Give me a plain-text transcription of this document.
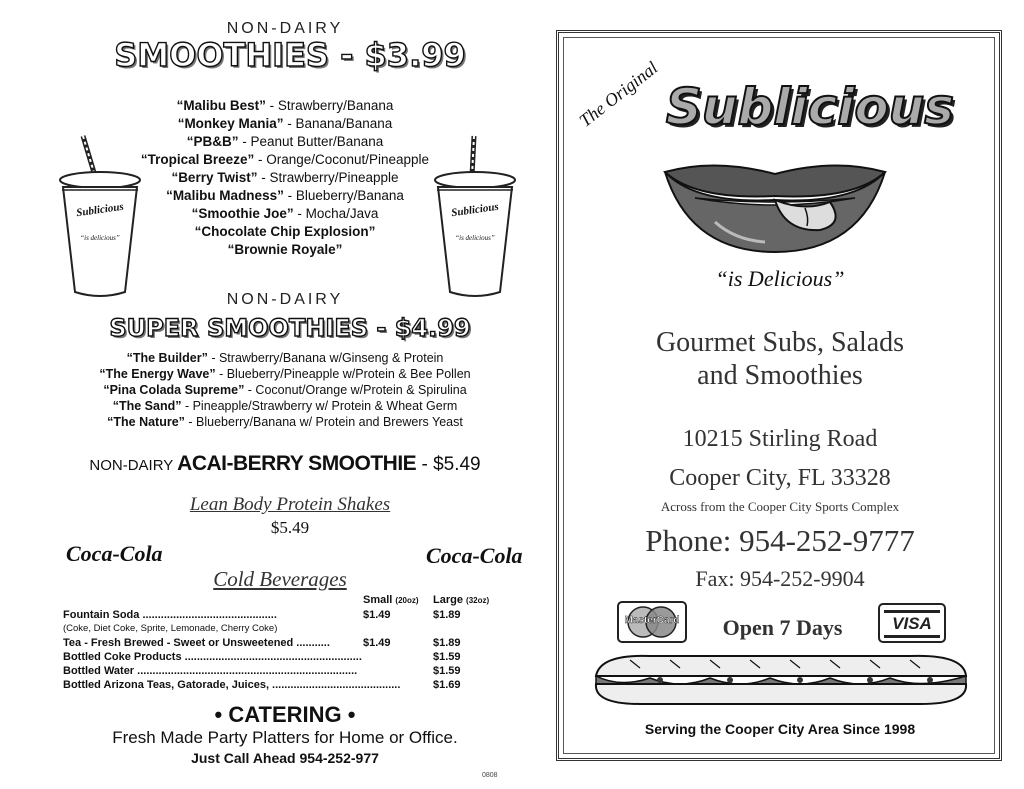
NON-DAIRY
SMOOTHIES - $3.99
“Malibu Best” - Strawberry/Banana
“Monkey Mania” - Banana/Banana
“PB&B” - Peanut Butter/Banana
“Tropical Breeze” - Orange/Coconut/Pineapple
“Berry Twist” - Strawberry/Pineapple
“Malibu Madness” - Blueberry/Banana
“Smoothie Joe” - Mocha/Java
“Chocolate Chip Explosion”
“Brownie Royale”
Sublicious
“is delicious”
Sublicious
“is delicious”
NON-DAIRY
SUPER SMOOTHIES - $4.99
“The Builder” - Strawberry/Banana w/Ginseng & Protein
“The Energy Wave” - Blueberry/Pineapple w/Protein & Bee Pollen
“Pina Colada Supreme” - Coconut/Orange w/Protein & Spirulina
“The Sand” - Pineapple/Strawberry w/ Protein & Wheat Germ
“The Nature” - Blueberry/Banana w/ Protein and Brewers Yeast
NON-DAIRY ACAI-BERRY SMOOTHIE - $5.49
Lean Body Protein Shakes
$5.49
Coca-Cola	Coca-Cola
Cold Beverages
	Small (20oz)	Large (32oz)
Fountain Soda ............................................	$1.49	$1.89
(Coke, Diet Coke, Sprite, Lemonade, Cherry Coke)		
Tea - Fresh Brewed - Sweet or Unsweetened ...........	$1.49	$1.89
Bottled Coke Products ..........................................................		$1.59
Bottled Water ........................................................................		$1.59
Bottled Arizona Teas, Gatorade, Juices, ..........................................		$1.69
• CATERING •
Fresh Made Party Platters for Home or Office.
Just Call Ahead 954-252-977
0808
The Original Sublicious
“is Delicious”
Gourmet Subs, Salads
and Smoothies
10215 Stirling Road
Cooper City, FL 33328
Across from the Cooper City Sports Complex
Phone: 954-252-9777
Fax: 954-252-9904
MasterCard	Open 7 Days	VISA
Serving the Cooper City Area Since 1998
